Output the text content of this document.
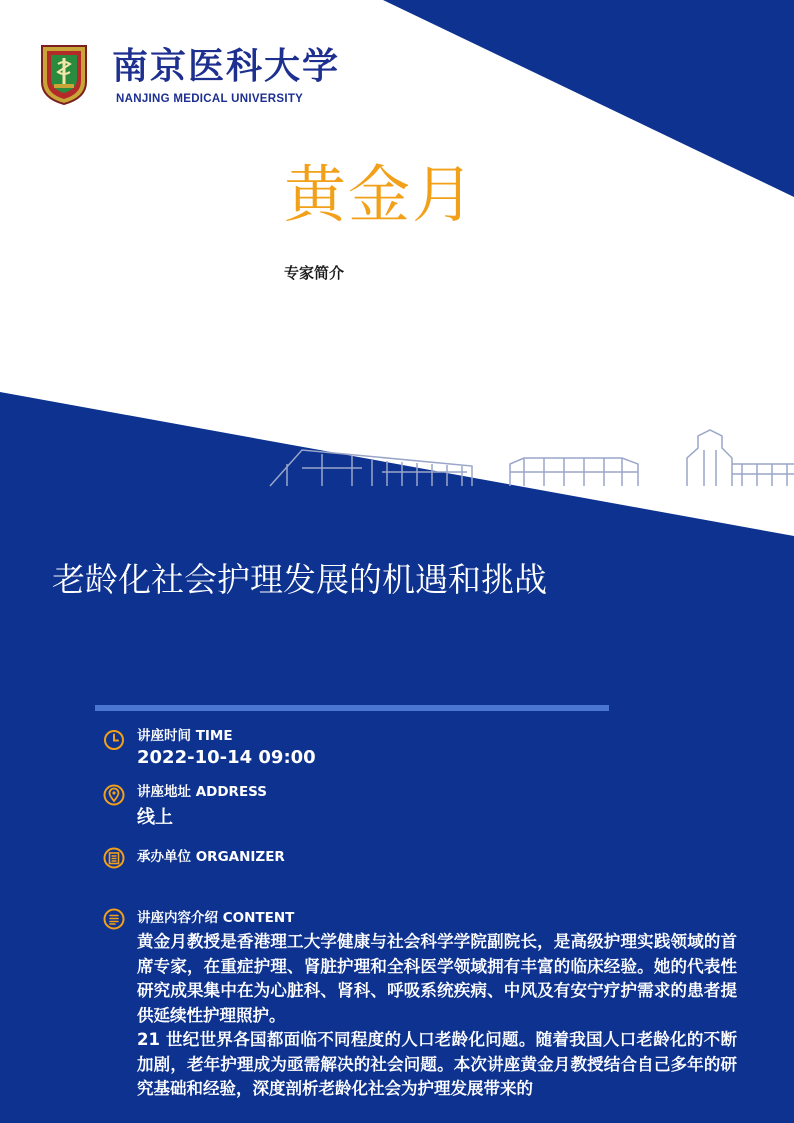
南京医科大学
NANJING MEDICAL UNIVERSITY
黄金月
专家简介
老龄化社会护理发展的机遇和挑战
讲座时间 TIME
2022-10-14 09:00
讲座地址 ADDRESS
线上
承办单位 ORGANIZER
讲座内容介绍 CONTENT

黄金月教授是香港理工大学健康与社会科学学院副院长，是高级护理实践领域的首席专家，在重症护理、肾脏护理和全科医学领域拥有丰富的临床经验。她的代表性研究成果集中在为心脏科、肾科、呼吸系统疾病、中风及有安宁疗护需求的患者提供延续性护理照护。

21 世纪世界各国都面临不同程度的人口老龄化问题。随着我国人口老龄化的不断加剧，老年护理成为亟需解决的社会问题。本次讲座黄金月教授结合自己多年的研究基础和经验，深度剖析老龄化社会为护理发展带来的
